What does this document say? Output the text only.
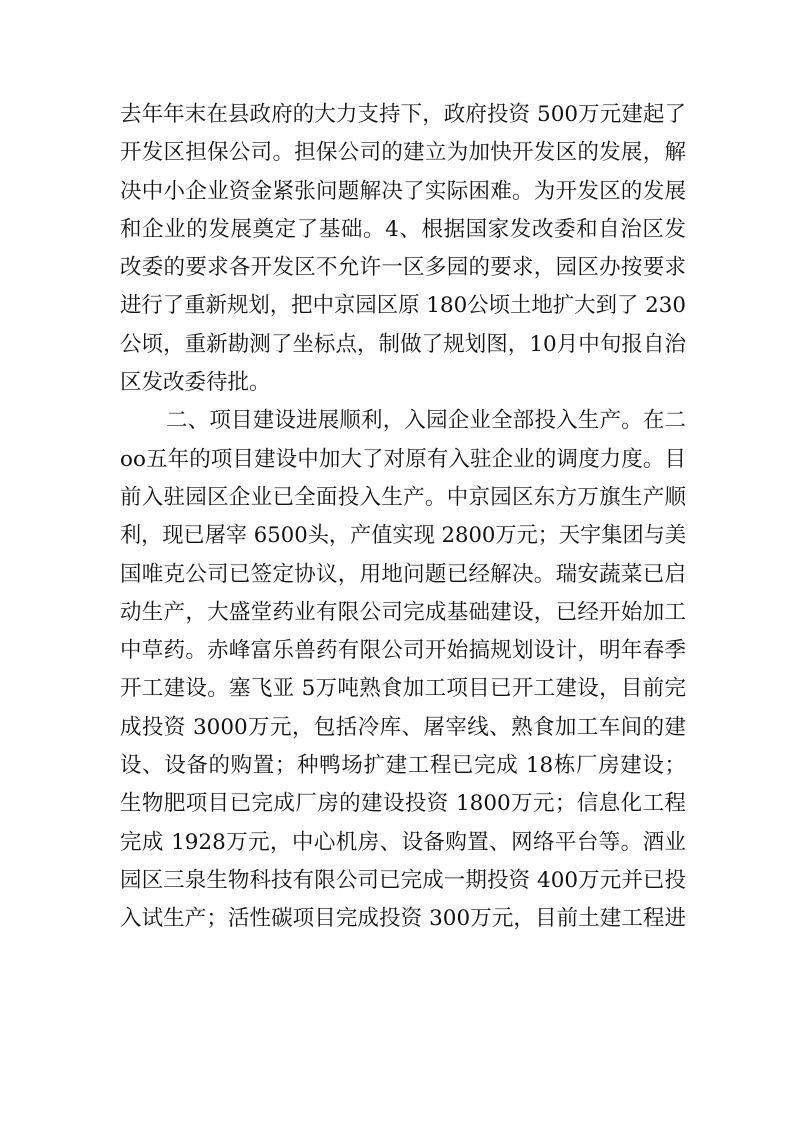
去年年末在县政府的大力支持下，政府投资 500万元建起了
开发区担保公司。担保公司的建立为加快开发区的发展，解
决中小企业资金紧张问题解决了实际困难。为开发区的发展
和企业的发展奠定了基础。4、根据国家发改委和自治区发
改委的要求各开发区不允许一区多园的要求，园区办按要求
进行了重新规划，把中京园区原 180公顷土地扩大到了 230
公顷，重新勘测了坐标点，制做了规划图，10月中旬报自治
区发改委待批。
二、项目建设进展顺利，入园企业全部投入生产。在二
oo五年的项目建设中加大了对原有入驻企业的调度力度。目
前入驻园区企业已全面投入生产。中京园区东方万旗生产顺
利，现已屠宰 6500头，产值实现 2800万元；天宇集团与美
国唯克公司已签定协议，用地问题已经解决。瑞安蔬菜已启
动生产，大盛堂药业有限公司完成基础建设，已经开始加工
中草药。赤峰富乐兽药有限公司开始搞规划设计，明年春季
开工建设。塞飞亚 5万吨熟食加工项目已开工建设，目前完
成投资 3000万元，包括冷库、屠宰线、熟食加工车间的建
设、设备的购置；种鸭场扩建工程已完成 18栋厂房建设；
生物肥项目已完成厂房的建设投资 1800万元；信息化工程
完成 1928万元，中心机房、设备购置、网络平台等。酒业
园区三泉生物科技有限公司已完成一期投资 400万元并已投
入试生产；活性碳项目完成投资 300万元，目前土建工程进
